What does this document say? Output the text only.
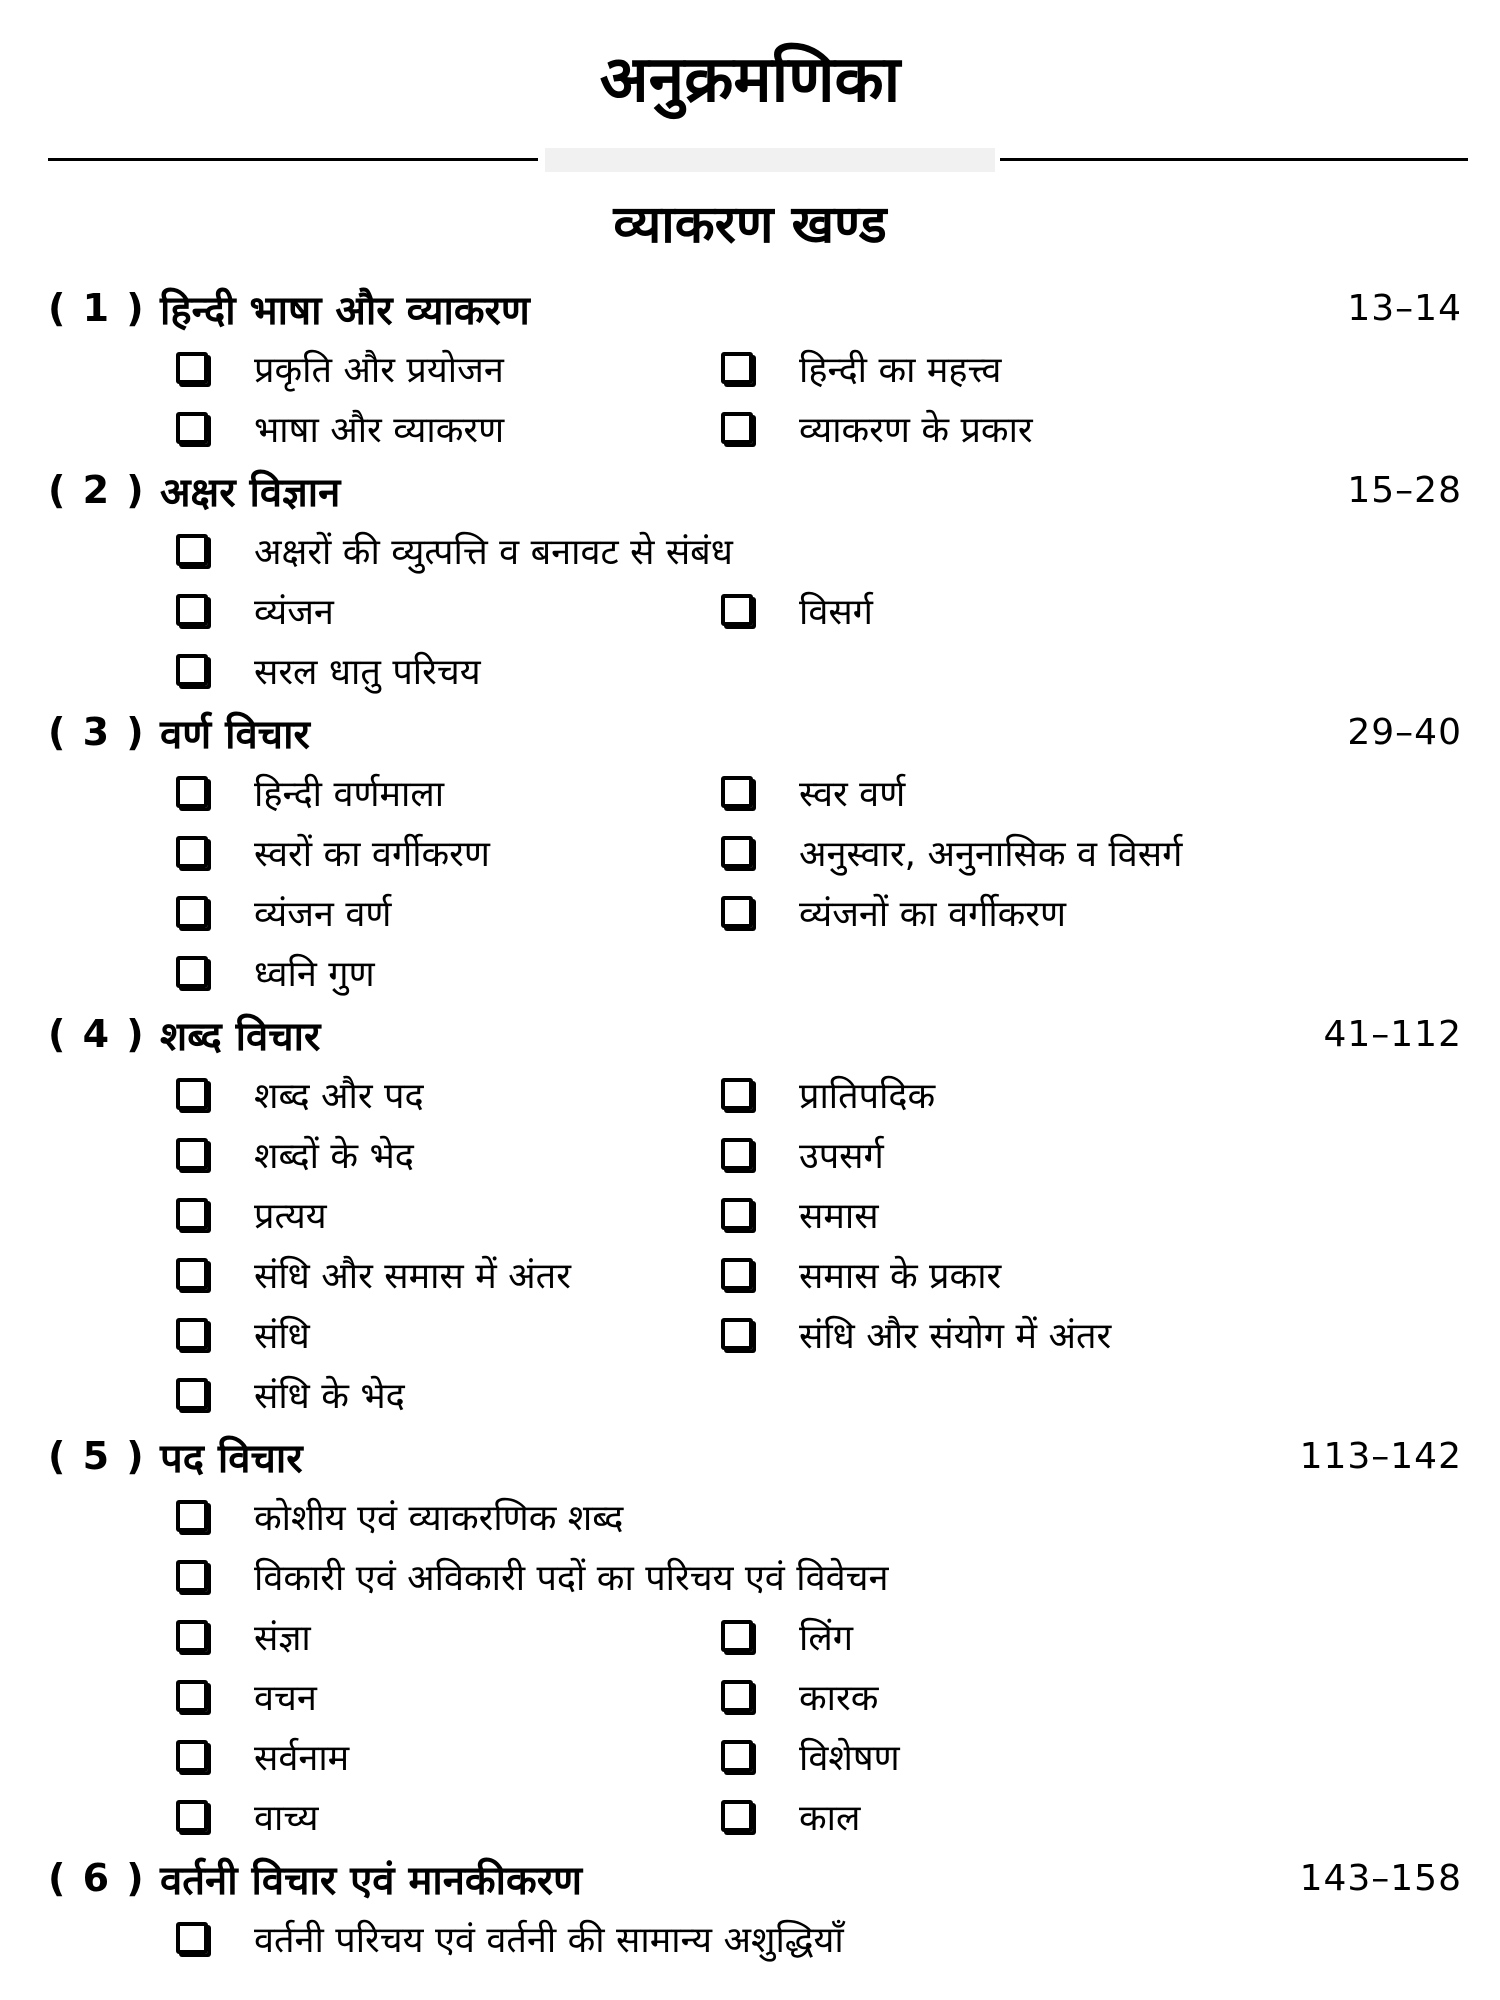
अनुक्रमणिका
व्याकरण खण्ड
( 1 ) हिन्दी भाषा और व्याकरण	13–14
प्रकृति और प्रयोजन	हिन्दी का महत्त्व
भाषा और व्याकरण	व्याकरण के प्रकार
( 2 ) अक्षर विज्ञान	15–28
अक्षरों की व्युत्पत्ति व बनावट से संबंध
व्यंजन	विसर्ग
सरल धातु परिचय
( 3 ) वर्ण विचार	29–40
हिन्दी वर्णमाला	स्वर वर्ण
स्वरों का वर्गीकरण	अनुस्वार, अनुनासिक व विसर्ग
व्यंजन वर्ण	व्यंजनों का वर्गीकरण
ध्वनि गुण
( 4 ) शब्द विचार	41–112
शब्द और पद	प्रातिपदिक
शब्दों के भेद	उपसर्ग
प्रत्यय	समास
संधि और समास में अंतर	समास के प्रकार
संधि	संधि और संयोग में अंतर
संधि के भेद
( 5 ) पद विचार	113–142
कोशीय एवं व्याकरणिक शब्द
विकारी एवं अविकारी पदों का परिचय एवं विवेचन
संज्ञा	लिंग
वचन	कारक
सर्वनाम	विशेषण
वाच्य	काल
( 6 ) वर्तनी विचार एवं मानकीकरण	143–158
वर्तनी परिचय एवं वर्तनी की सामान्य अशुद्धियाँ
